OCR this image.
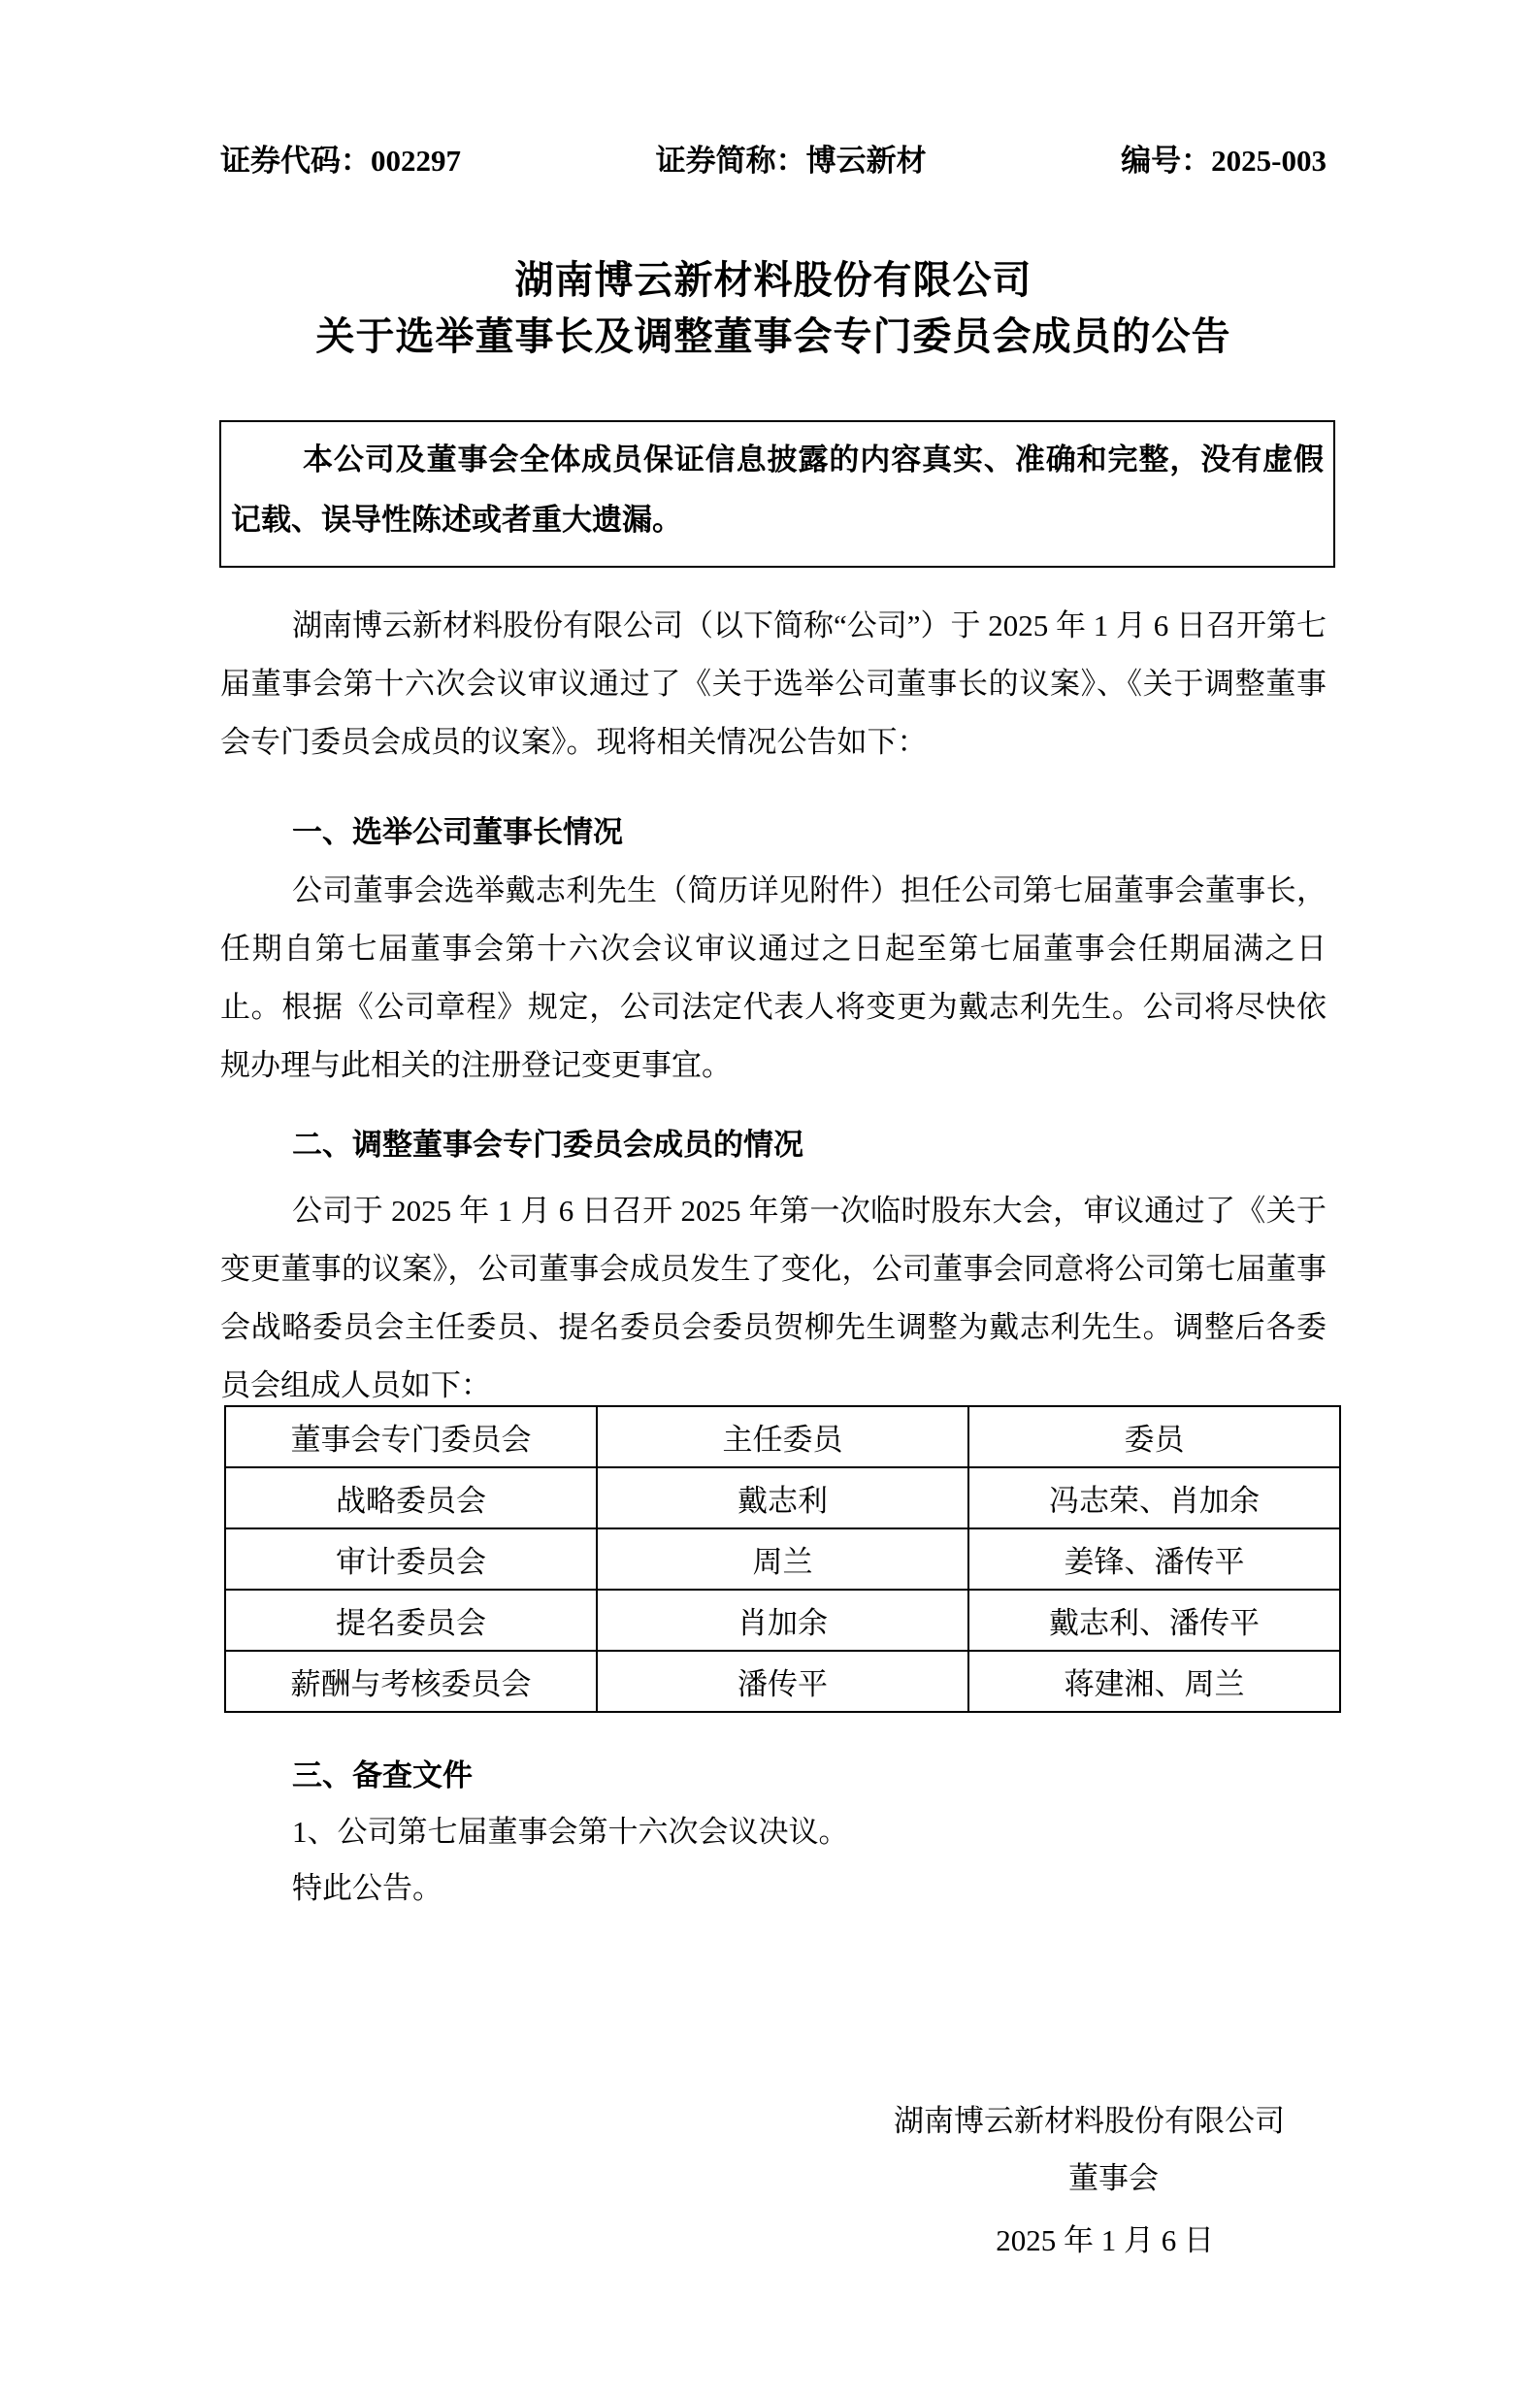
证券代码：002297	证券简称：博云新材	编号：2025-003
湖南博云新材料股份有限公司
关于选举董事长及调整董事会专门委员会成员的公告

本公司及董事会全体成员保证信息披露的内容真实、准确和完整，没有虚假记载、误导性陈述或者重大遗漏。

湖南博云新材料股份有限公司（以下简称“公司”）于 2025 年 1 月 6 日召开第七届董事会第十六次会议审议通过了《关于选举公司董事长的议案》、《关于调整董事会专门委员会成员的议案》。现将相关情况公告如下：

一、选举公司董事长情况

公司董事会选举戴志利先生（简历详见附件）担任公司第七届董事会董事长，任期自第七届董事会第十六次会议审议通过之日起至第七届董事会任期届满之日止。根据《公司章程》规定，公司法定代表人将变更为戴志利先生。公司将尽快依规办理与此相关的注册登记变更事宜。

二、调整董事会专门委员会成员的情况

公司于 2025 年 1 月 6 日召开 2025 年第一次临时股东大会，审议通过了《关于变更董事的议案》，公司董事会成员发生了变化，公司董事会同意将公司第七届董事会战略委员会主任委员、提名委员会委员贺柳先生调整为戴志利先生。调整后各委员会组成人员如下：

董事会专门委员会	主任委员	委员
战略委员会	戴志利	冯志荣、肖加余
审计委员会	周兰	姜锋、潘传平
提名委员会	肖加余	戴志利、潘传平
薪酬与考核委员会	潘传平	蒋建湘、周兰
三、备查文件

1、公司第七届董事会第十六次会议决议。

特此公告。

湖南博云新材料股份有限公司

董事会

2025 年 1 月 6 日
